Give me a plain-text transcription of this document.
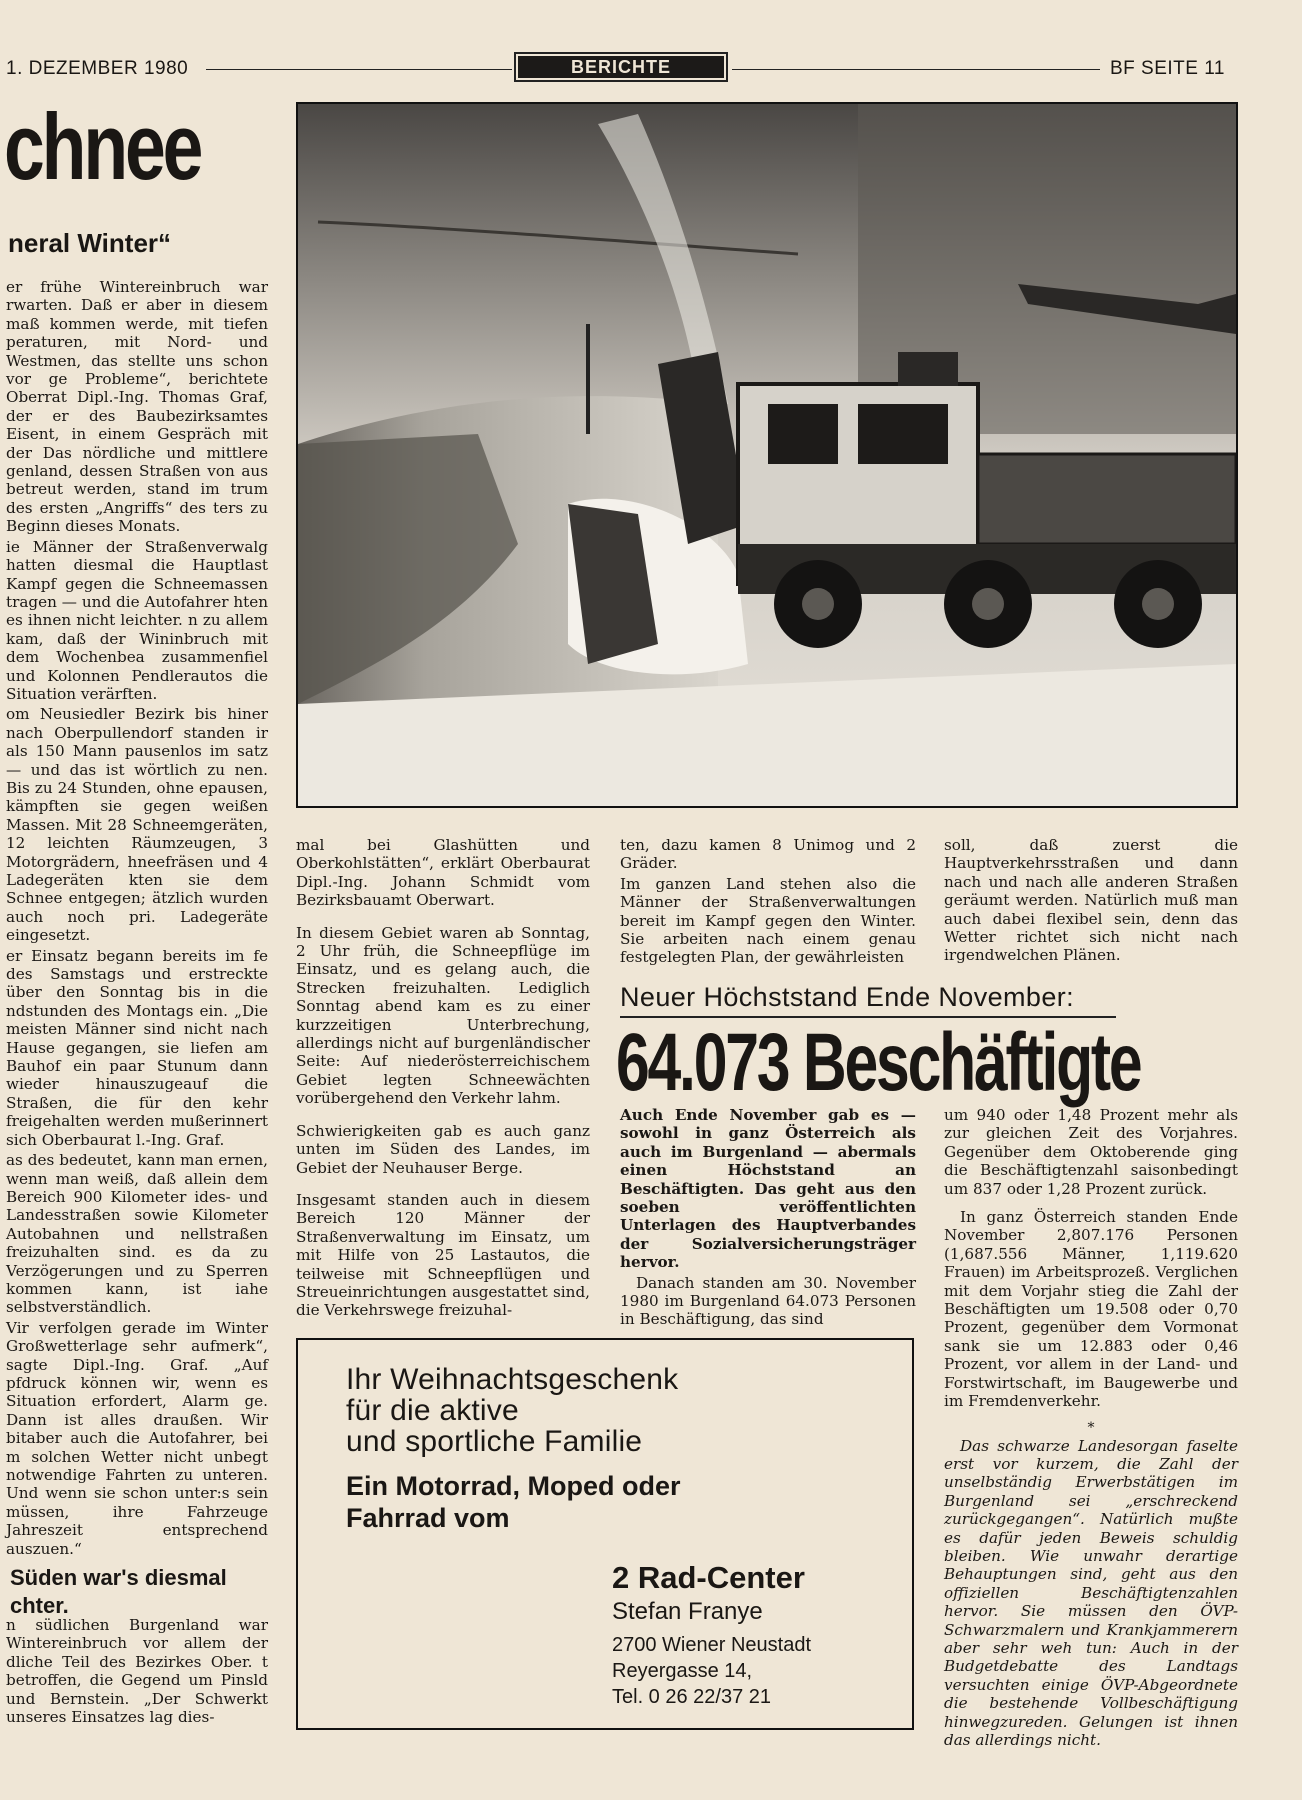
1. DEZEMBER 1980	BERICHTE	BF SEITE 11
chnee
neral Winter“

er frühe Wintereinbruch war rwarten. Daß er aber in diesem maß kommen werde, mit tiefen peraturen, mit Nord- und Westmen, das stellte uns schon vor ge Probleme“, berichtete Oberrat Dipl.-Ing. Thomas Graf, der er des Baubezirksamtes Eisent, in einem Gespräch mit der Das nördliche und mittlere genland, dessen Straßen von aus betreut werden, stand im trum des ersten „Angriffs“ des ters zu Beginn dieses Monats.

ie Männer der Straßenverwalg hatten diesmal die Hauptlast Kampf gegen die Schneemassen tragen — und die Autofahrer hten es ihnen nicht leichter. n zu allem kam, daß der Wininbruch mit dem Wochenbea zusammenfiel und Kolonnen Pendlerautos die Situation verärften.

om Neusiedler Bezirk bis hiner nach Oberpullendorf standen ir als 150 Mann pausenlos im satz — und das ist wörtlich zu nen. Bis zu 24 Stunden, ohne epausen, kämpften sie gegen weißen Massen. Mit 28 Schneemgeräten, 12 leichten Räumzeugen, 3 Motorgrädern, hneefräsen und 4 Ladegeräten kten sie dem Schnee entgegen; ätzlich wurden auch noch pri. Ladegeräte eingesetzt.

er Einsatz begann bereits im fe des Samstags und erstreckte über den Sonntag bis in die ndstunden des Montags ein. „Die meisten Männer sind nicht nach Hause gegangen, sie liefen am Bauhof ein paar Stunum dann wieder hinauszugeauf die Straßen, die für den kehr freigehalten werden mußerinnert sich Oberbaurat l.-Ing. Graf.

as des bedeutet, kann man ernen, wenn man weiß, daß allein dem Bereich 900 Kilometer ides- und Landesstraßen sowie Kilometer Autobahnen und nellstraßen freizuhalten sind. es da zu Verzögerungen und zu Sperren kommen kann, ist iahe selbstverständlich.

Vir verfolgen gerade im Winter Großwetterlage sehr aufmerk“, sagte Dipl.-Ing. Graf. „Auf pfdruck können wir, wenn es Situation erfordert, Alarm ge. Dann ist alles draußen. Wir bitaber auch die Autofahrer, bei m solchen Wetter nicht unbegt notwendige Fahrten zu unteren. Und wenn sie schon unter:s sein müssen, ihre Fahrzeuge Jahreszeit entsprechend auszuen.“

Süden war's diesmal chter.

n südlichen Burgenland war Wintereinbruch vor allem der dliche Teil des Bezirkes Ober. t betroffen, die Gegend um Pinsld und Bernstein. „Der Schwerkt unseres Einsatzes lag dies-

mal bei Glashütten und Oberkohlstätten“, erklärt Oberbaurat Dipl.-Ing. Johann Schmidt vom Bezirksbauamt Oberwart.

In diesem Gebiet waren ab Sonntag, 2 Uhr früh, die Schneepflüge im Einsatz, und es gelang auch, die Strecken freizuhalten. Lediglich Sonntag abend kam es zu einer kurzzeitigen Unterbrechung, allerdings nicht auf burgenländischer Seite: Auf niederösterreichischem Gebiet legten Schneewächten vorübergehend den Verkehr lahm.

Schwierigkeiten gab es auch ganz unten im Süden des Landes, im Gebiet der Neuhauser Berge.

Insgesamt standen auch in diesem Bereich 120 Männer der Straßenverwaltung im Einsatz, um mit Hilfe von 25 Lastautos, die teilweise mit Schneepflügen und Streueinrichtungen ausgestattet sind, die Verkehrswege freizuhal-

ten, dazu kamen 8 Unimog und 2 Gräder.

Im ganzen Land stehen also die Männer der Straßenverwaltungen bereit im Kampf gegen den Winter. Sie arbeiten nach einem genau festgelegten Plan, der gewährleisten

soll, daß zuerst die Hauptverkehrsstraßen und dann nach und nach alle anderen Straßen geräumt werden. Natürlich muß man auch dabei flexibel sein, denn das Wetter richtet sich nicht nach irgendwelchen Plänen.

Neuer Höchststand Ende November:
64.073 Beschäftigte

Auch Ende November gab es — sowohl in ganz Österreich als auch im Burgenland — abermals einen Höchststand an Beschäftigten. Das geht aus den soeben veröffentlichten Unterlagen des Hauptverbandes der Sozialversicherungsträger hervor.

Danach standen am 30. November 1980 im Burgenland 64.073 Personen in Beschäftigung, das sind

um 940 oder 1,48 Prozent mehr als zur gleichen Zeit des Vorjahres. Gegenüber dem Oktoberende ging die Beschäftigtenzahl saisonbedingt um 837 oder 1,28 Prozent zurück.

In ganz Österreich standen Ende November 2,807.176 Personen (1,687.556 Männer, 1,119.620 Frauen) im Arbeitsprozeß. Verglichen mit dem Vorjahr stieg die Zahl der Beschäftigten um 19.508 oder 0,70 Prozent, gegenüber dem Vormonat sank sie um 12.883 oder 0,46 Prozent, vor allem in der Land- und Forstwirtschaft, im Baugewerbe und im Fremdenverkehr.

*

Das schwarze Landesorgan faselte erst vor kurzem, die Zahl der unselbständig Erwerbstätigen im Burgenland sei „erschreckend zurückgegangen“. Natürlich mußte es dafür jeden Beweis schuldig bleiben. Wie unwahr derartige Behauptungen sind, geht aus den offiziellen Beschäftigtenzahlen hervor. Sie müssen den ÖVP-Schwarzmalern und Krankjammerern aber sehr weh tun: Auch in der Budgetdebatte des Landtags versuchten einige ÖVP-Abgeordnete die bestehende Vollbeschäftigung hinwegzureden. Gelungen ist ihnen das allerdings nicht.

Ihr Weihnachtsgeschenk
für die aktive
und sportliche Familie
Ein Motorrad, Moped oder
Fahrrad vom
2 Rad-Center
Stefan Franye
2700 Wiener Neustadt
Reyergasse 14,
Tel. 0 26 22/37 21
